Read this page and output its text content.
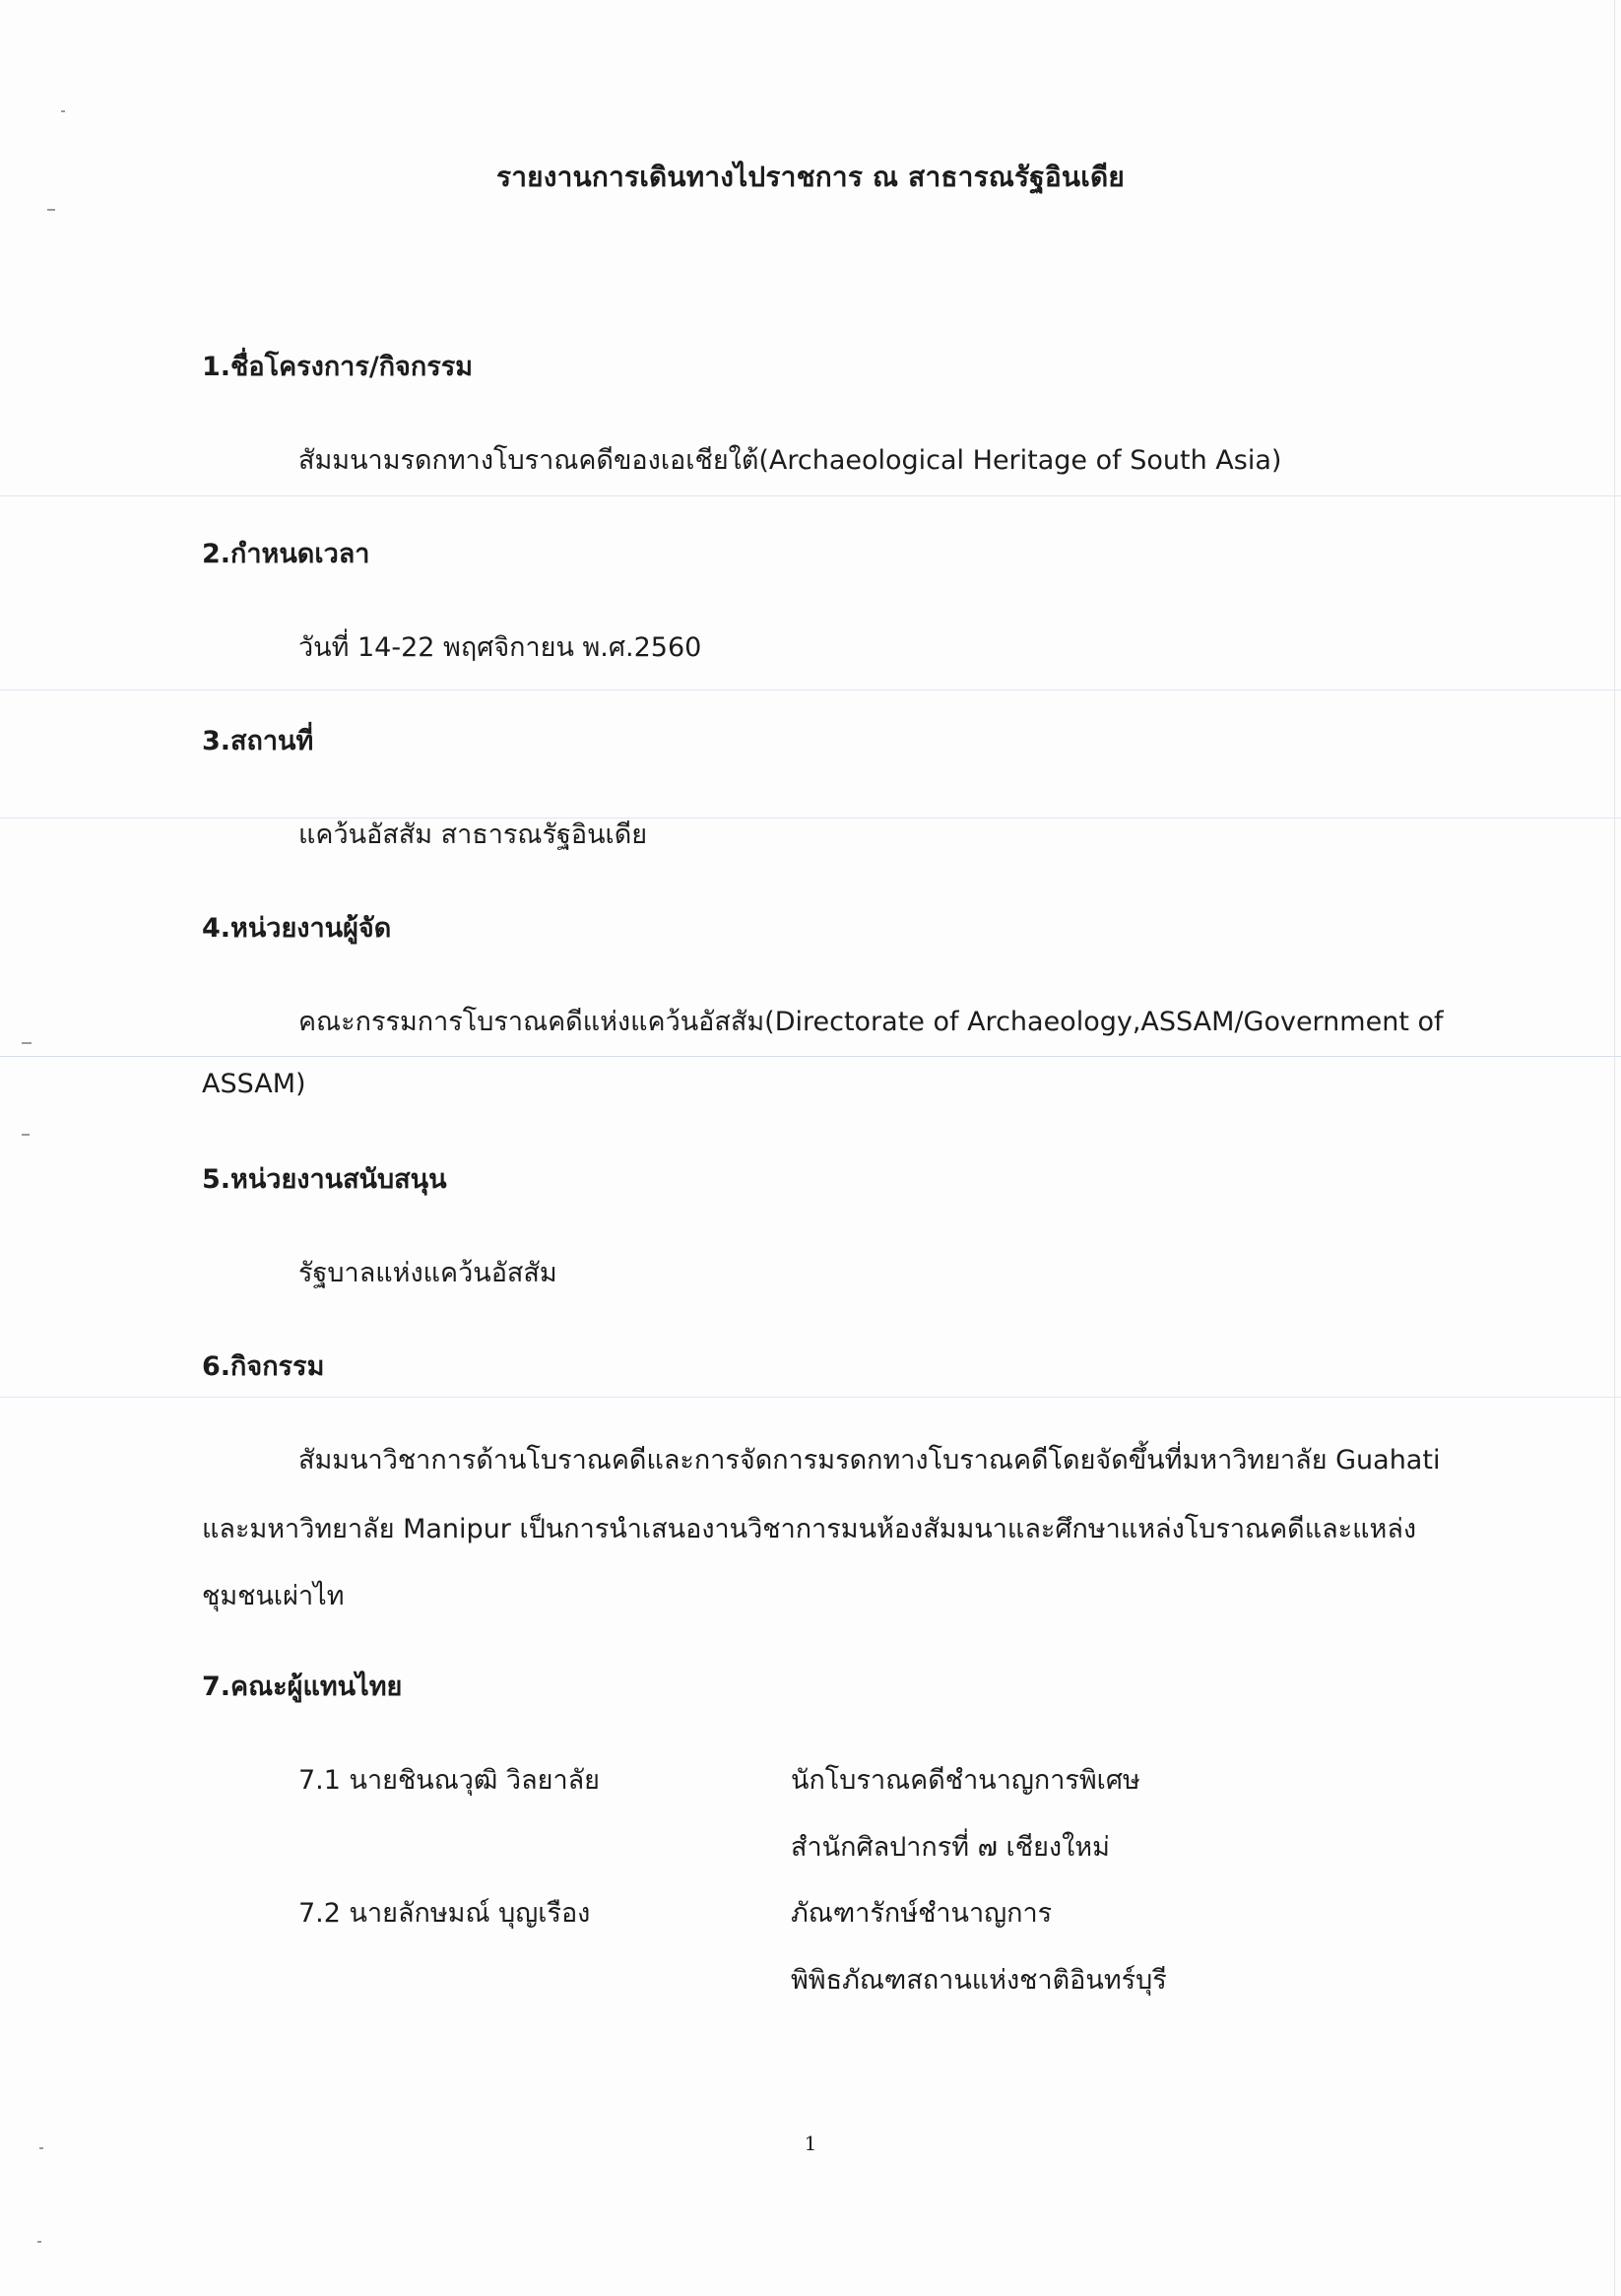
รายงานการเดินทางไปราชการ ณ สาธารณรัฐอินเดีย
1.ชื่อโครงการ/กิจกรรม
สัมมนามรดกทางโบราณคดีของเอเชียใต้(Archaeological Heritage of South Asia)
2.กำหนดเวลา
วันที่ 14-22 พฤศจิกายน พ.ศ.2560
3.สถานที่
แคว้นอัสสัม สาธารณรัฐอินเดีย
4.หน่วยงานผู้จัด
คณะกรรมการโบราณคดีแห่งแคว้นอัสสัม(Directorate of Archaeology,ASSAM/Government of
ASSAM)
5.หน่วยงานสนับสนุน
รัฐบาลแห่งแคว้นอัสสัม
6.กิจกรรม
สัมมนาวิชาการด้านโบราณคดีและการจัดการมรดกทางโบราณคดีโดยจัดขึ้นที่มหาวิทยาลัย Guahati
และมหาวิทยาลัย Manipur เป็นการนำเสนองานวิชาการมนห้องสัมมนาและศึกษาแหล่งโบราณคดีและแหล่ง
ชุมชนเผ่าไท
7.คณะผู้แทนไทย
7.1 นายชินณวุฒิ วิลยาลัย	นักโบราณคดีชำนาญการพิเศษ
สำนักศิลปากรที่ ๗ เชียงใหม่
7.2 นายลักษมณ์ บุญเรือง	ภัณฑารักษ์ชำนาญการ
พิพิธภัณฑสถานแห่งชาติอินทร์บุรี
1
